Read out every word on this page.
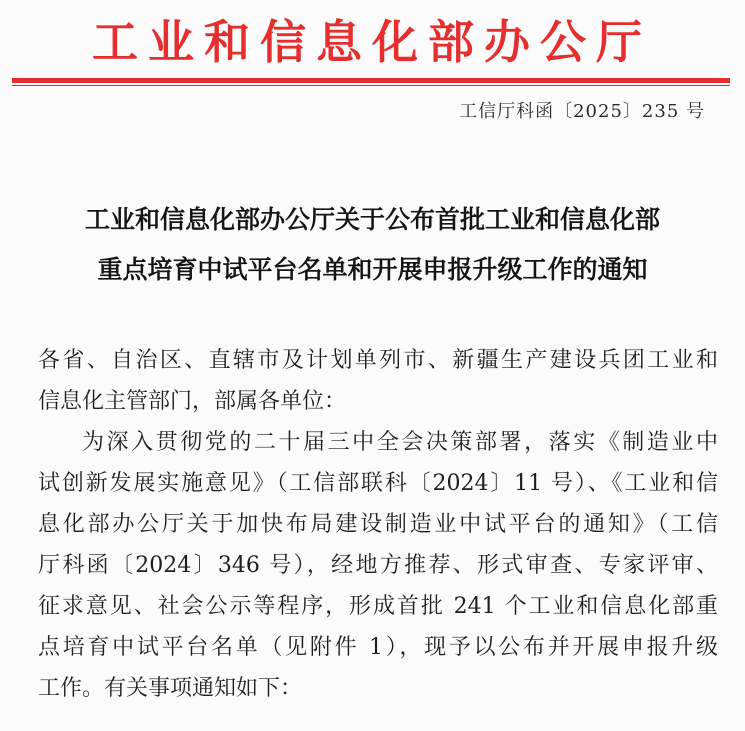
工业和信息化部办公厅
工信厅科函〔2025〕235 号
工业和信息化部办公厅关于公布首批工业和信息化部
重点培育中试平台名单和开展申报升级工作的通知
各省、自治区、直辖市及计划单列市、新疆生产建设兵团工业和
信息化主管部门，部属各单位：
为深入贯彻党的二十届三中全会决策部署，落实《制造业中
试创新发展实施意见》（工信部联科〔2024〕11 号）、《工业和信
息化部办公厅关于加快布局建设制造业中试平台的通知》（工信
厅科函〔2024〕346 号），经地方推荐、形式审查、专家评审、
征求意见、社会公示等程序，形成首批 241 个工业和信息化部重
点培育中试平台名单（见附件 1），现予以公布并开展申报升级
工作。有关事项通知如下：
